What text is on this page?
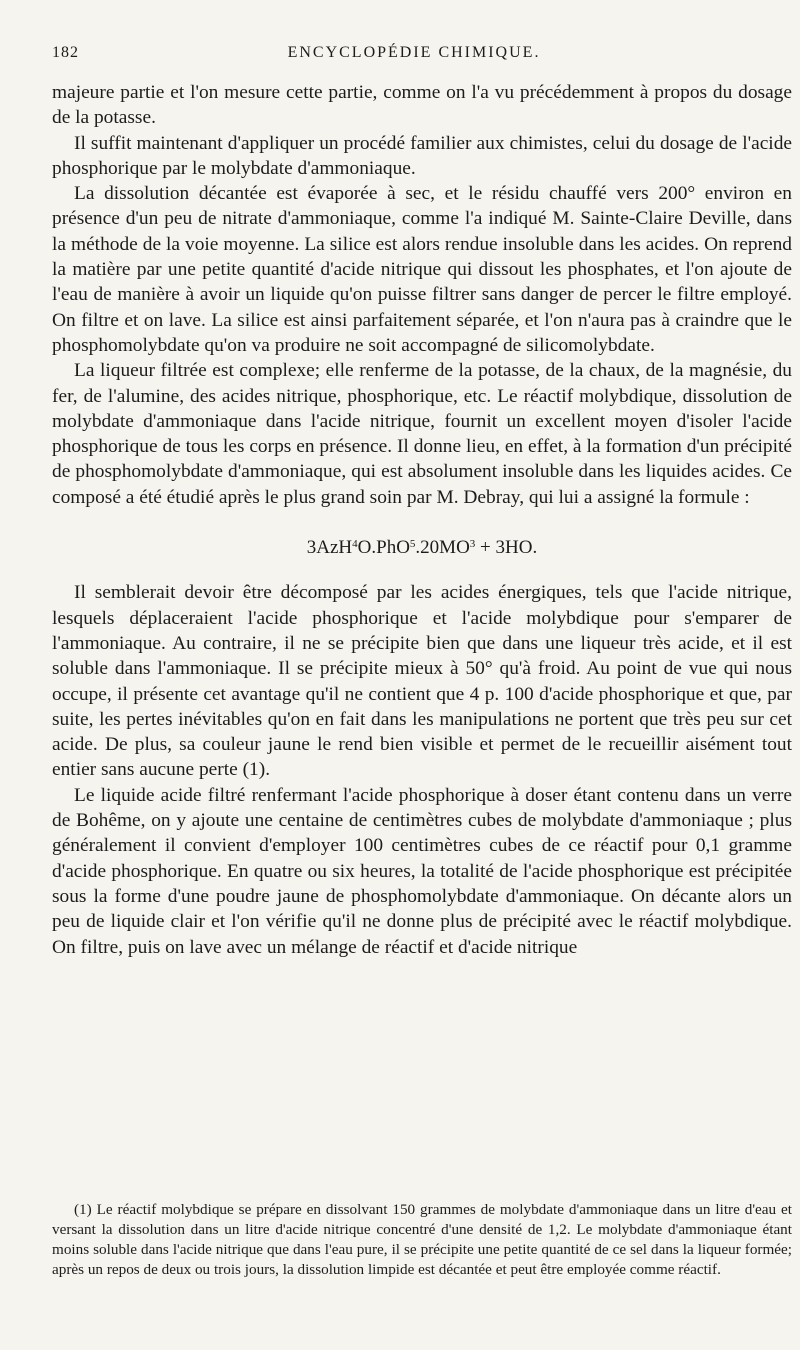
182	ENCYCLOPÉDIE CHIMIQUE.

majeure partie et l'on mesure cette partie, comme on l'a vu précédemment à propos du dosage de la potasse.

Il suffit maintenant d'appliquer un procédé familier aux chimistes, celui du dosage de l'acide phosphorique par le molybdate d'ammoniaque.

La dissolution décantée est évaporée à sec, et le résidu chauffé vers 200° environ en présence d'un peu de nitrate d'ammoniaque, comme l'a indiqué M. Sainte-Claire Deville, dans la méthode de la voie moyenne. La silice est alors rendue insoluble dans les acides. On reprend la matière par une petite quantité d'acide nitrique qui dissout les phosphates, et l'on ajoute de l'eau de manière à avoir un liquide qu'on puisse filtrer sans danger de percer le filtre employé. On filtre et on lave. La silice est ainsi parfaitement séparée, et l'on n'aura pas à craindre que le phosphomolybdate qu'on va produire ne soit accompagné de silicomolybdate.

La liqueur filtrée est complexe; elle renferme de la potasse, de la chaux, de la magnésie, du fer, de l'alumine, des acides nitrique, phosphorique, etc. Le réactif molybdique, dissolution de molybdate d'ammoniaque dans l'acide nitrique, fournit un excellent moyen d'isoler l'acide phosphorique de tous les corps en présence. Il donne lieu, en effet, à la formation d'un précipité de phosphomolybdate d'ammoniaque, qui est absolument insoluble dans les liquides acides. Ce composé a été étudié après le plus grand soin par M. Debray, qui lui a assigné la formule :

$3AzH^4O.PhO^5.20MO^3 + 3HO$.

Il semblerait devoir être décomposé par les acides énergiques, tels que l'acide nitrique, lesquels déplaceraient l'acide phosphorique et l'acide molybdique pour s'emparer de l'ammoniaque. Au contraire, il ne se précipite bien que dans une liqueur très acide, et il est soluble dans l'ammoniaque. Il se précipite mieux à 50° qu'à froid. Au point de vue qui nous occupe, il présente cet avantage qu'il ne contient que 4 p. 100 d'acide phosphorique et que, par suite, les pertes inévitables qu'on en fait dans les manipulations ne portent que très peu sur cet acide. De plus, sa couleur jaune le rend bien visible et permet de le recueillir aisément tout entier sans aucune perte (1).

Le liquide acide filtré renfermant l'acide phosphorique à doser étant contenu dans un verre de Bohême, on y ajoute une centaine de centimètres cubes de molybdate d'ammoniaque ; plus généralement il convient d'employer 100 centimètres cubes de ce réactif pour 0,1 gramme d'acide phosphorique. En quatre ou six heures, la totalité de l'acide phosphorique est précipitée sous la forme d'une poudre jaune de phosphomolybdate d'ammoniaque. On décante alors un peu de liquide clair et l'on vérifie qu'il ne donne plus de précipité avec le réactif molybdique. On filtre, puis on lave avec un mélange de réactif et d'acide nitrique

(1) Le réactif molybdique se prépare en dissolvant 150 grammes de molybdate d'ammoniaque dans un litre d'eau et versant la dissolution dans un litre d'acide nitrique concentré d'une densité de 1,2. Le molybdate d'ammoniaque étant moins soluble dans l'acide nitrique que dans l'eau pure, il se précipite une petite quantité de ce sel dans la liqueur formée; après un repos de deux ou trois jours, la dissolution limpide est décantée et peut être employée comme réactif.
